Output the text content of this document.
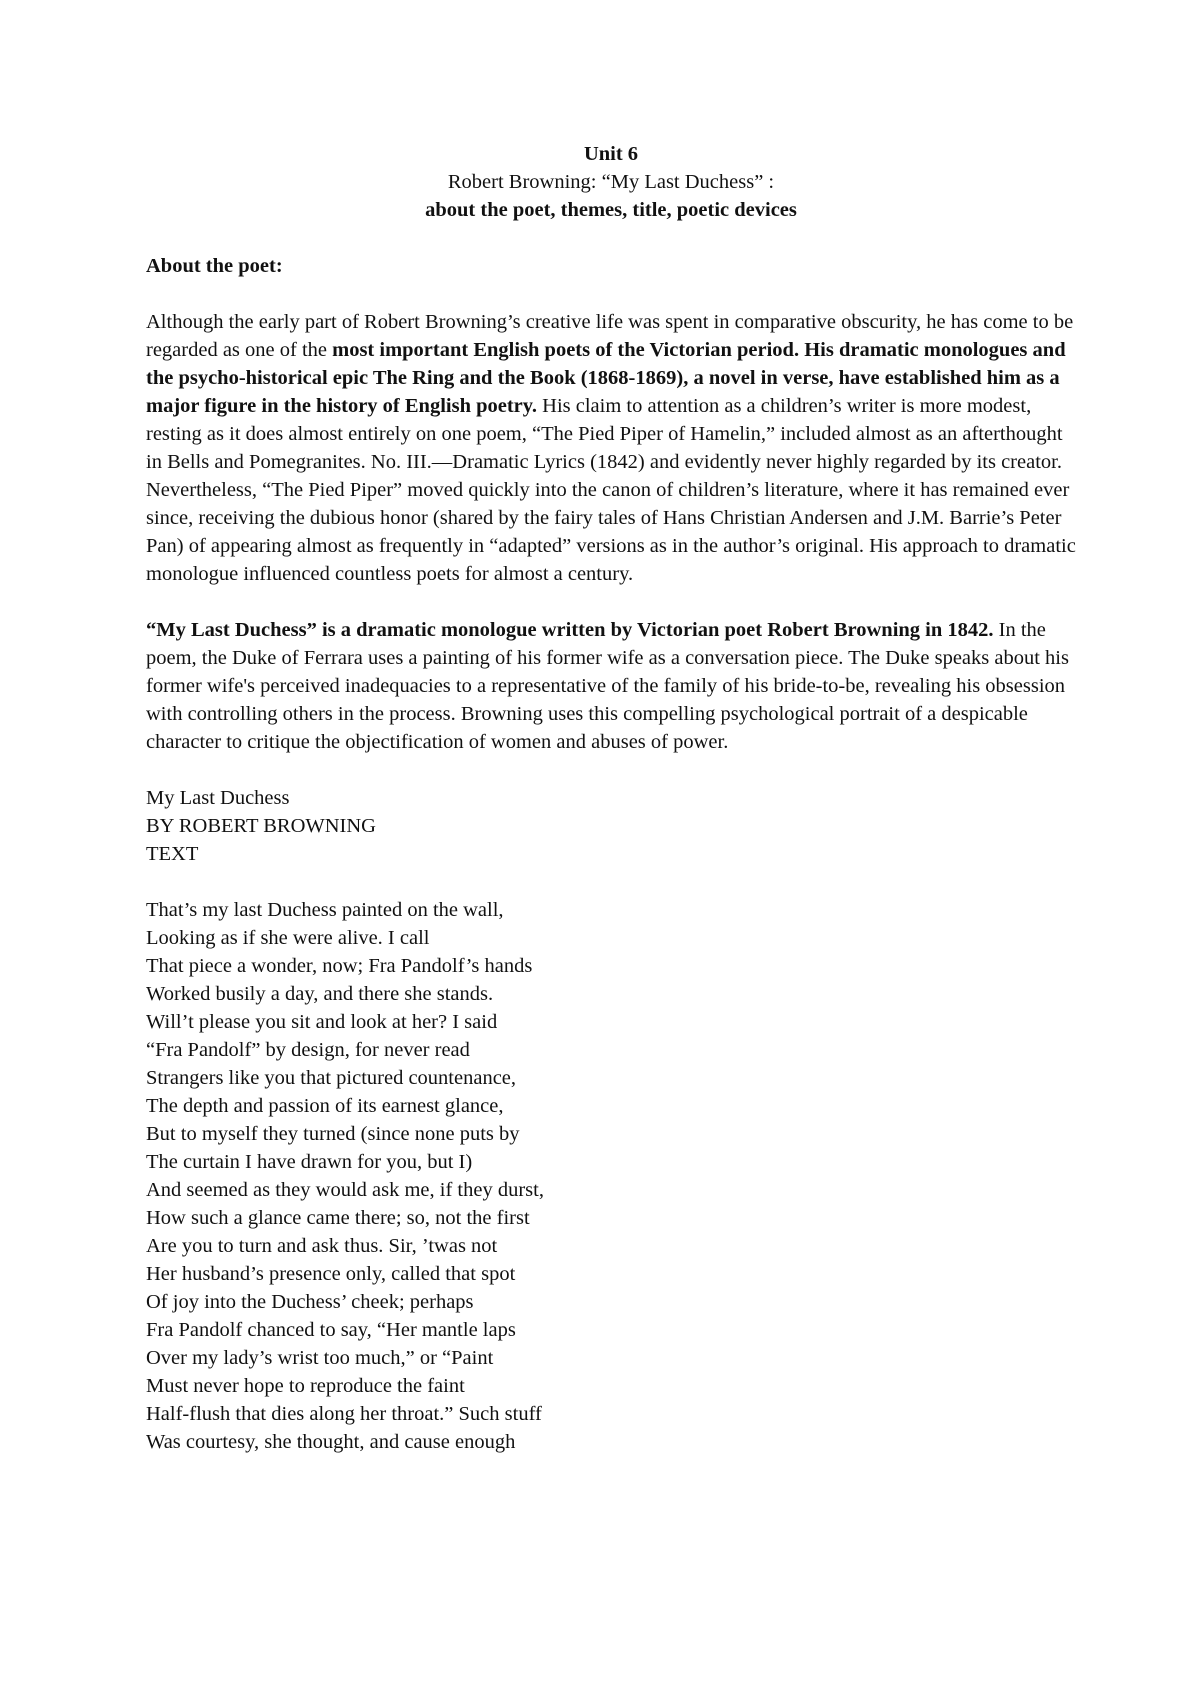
Unit 6
Robert Browning: “My Last Duchess” :
about the poet, themes, title, poetic devices
About the poet:

Although the early part of Robert Browning’s creative life was spent in comparative obscurity, he has come to be regarded as one of the most important English poets of the Victorian period. His dramatic monologues and the psycho-historical epic The Ring and the Book (1868-1869), a novel in verse, have established him as a major figure in the history of English poetry. His claim to attention as a children’s writer is more modest, resting as it does almost entirely on one poem, “The Pied Piper of Hamelin,” included almost as an afterthought in Bells and Pomegranites. No. III.—Dramatic Lyrics (1842) and evidently never highly regarded by its creator. Nevertheless, “The Pied Piper” moved quickly into the canon of children’s literature, where it has remained ever since, receiving the dubious honor (shared by the fairy tales of Hans Christian Andersen and J.M. Barrie’s Peter Pan) of appearing almost as frequently in “adapted” versions as in the author’s original. His approach to dramatic monologue influenced countless poets for almost a century.

“My Last Duchess” is a dramatic monologue written by Victorian poet Robert Browning in 1842. In the poem, the Duke of Ferrara uses a painting of his former wife as a conversation piece. The Duke speaks about his former wife's perceived inadequacies to a representative of the family of his bride-to-be, revealing his obsession with controlling others in the process. Browning uses this compelling psychological portrait of a despicable character to critique the objectification of women and abuses of power.

My Last Duchess
BY ROBERT BROWNING
TEXT
That’s my last Duchess painted on the wall,
Looking as if she were alive. I call
That piece a wonder, now; Fra Pandolf’s hands
Worked busily a day, and there she stands.
Will’t please you sit and look at her? I said
“Fra Pandolf” by design, for never read
Strangers like you that pictured countenance,
The depth and passion of its earnest glance,
But to myself they turned (since none puts by
The curtain I have drawn for you, but I)
And seemed as they would ask me, if they durst,
How such a glance came there; so, not the first
Are you to turn and ask thus. Sir, ’twas not
Her husband’s presence only, called that spot
Of joy into the Duchess’ cheek; perhaps
Fra Pandolf chanced to say, “Her mantle laps
Over my lady’s wrist too much,” or “Paint
Must never hope to reproduce the faint
Half-flush that dies along her throat.” Such stuff
Was courtesy, she thought, and cause enough
